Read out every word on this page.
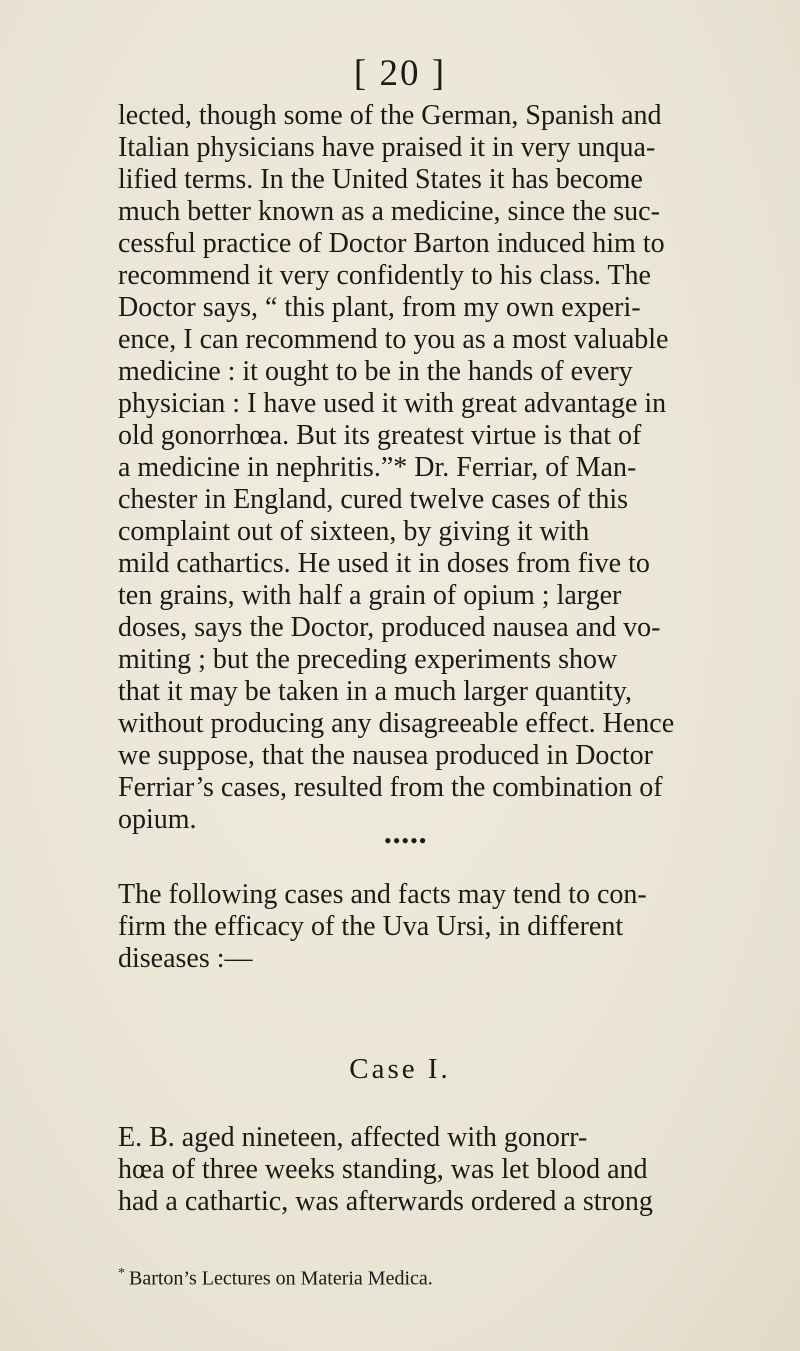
[ 20 ]
lected, though some of the German, Spanish and
Italian physicians have praised it in very unqua-
lified terms. In the United States it has become
much better known as a medicine, since the suc-
cessful practice of Doctor Barton induced him to
recommend it very confidently to his class. The
Doctor says, “ this plant, from my own experi-
ence, I can recommend to you as a most valuable
medicine : it ought to be in the hands of every
physician : I have used it with great advantage in
old gonorrhœa. But its greatest virtue is that of
a medicine in nephritis.”* Dr. Ferriar, of Man-
chester in England, cured twelve cases of this
complaint out of sixteen, by giving it with
mild cathartics. He used it in doses from five to
ten grains, with half a grain of opium ; larger
doses, says the Doctor, produced nausea and vo-
miting ; but the preceding experiments show
that it may be taken in a much larger quantity,
without producing any disagreeable effect. Hence
we suppose, that the nausea produced in Doctor
Ferriar’s cases, resulted from the combination of
opium.
•••••
The following cases and facts may tend to con-
firm the efficacy of the Uva Ursi, in different
diseases :—
Case I.
E. B. aged nineteen, affected with gonorr-
hœa of three weeks standing, was let blood and
had a cathartic, was afterwards ordered a strong
* Barton’s Lectures on Materia Medica.
